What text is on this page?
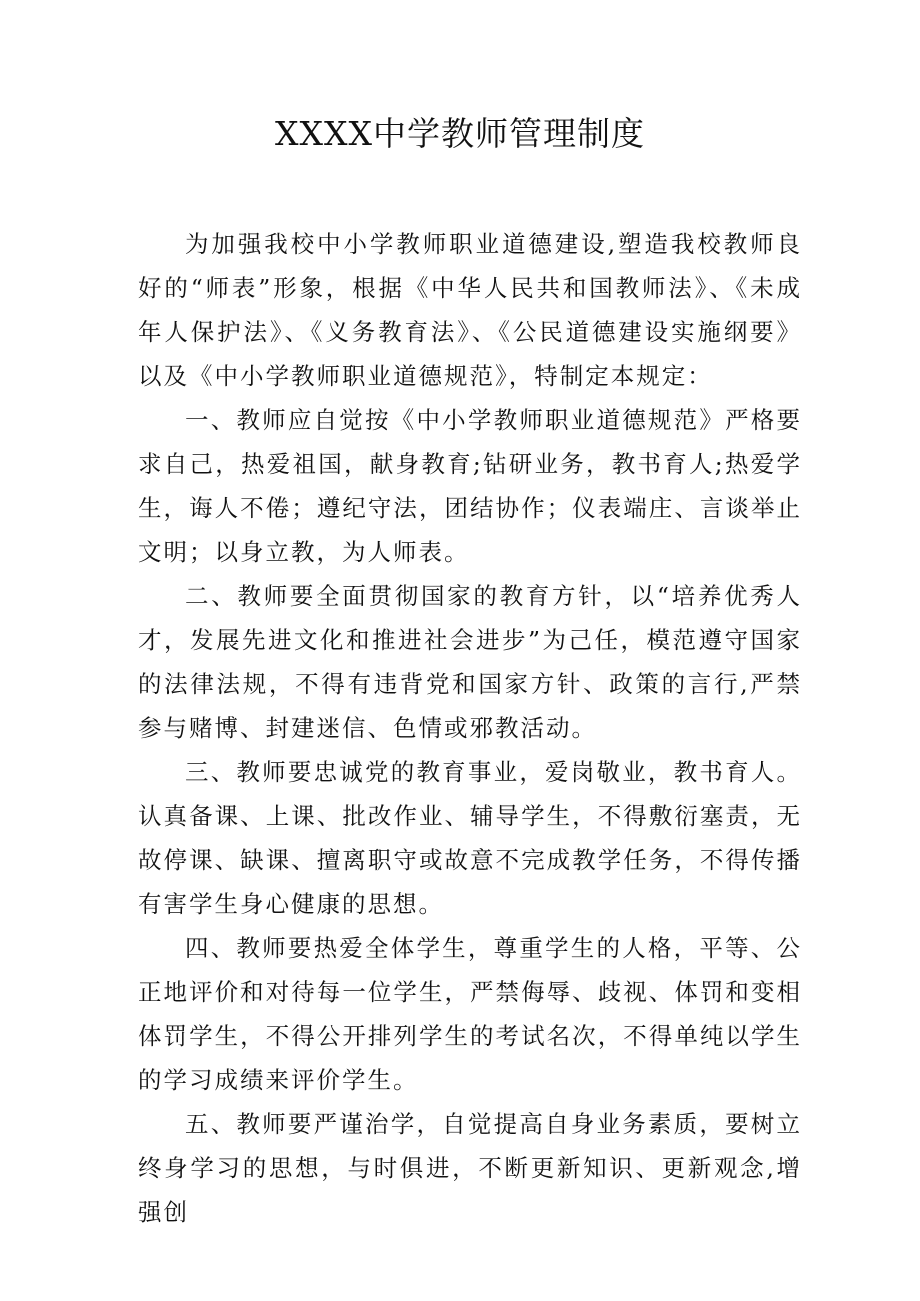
XXXX中学教师管理制度

为加强我校中小学教师职业道德建设,塑造我校教师良好的“师表”形象，根据《中华人民共和国教师法》、《未成年人保护法》、《义务教育法》、《公民道德建设实施纲要》以及《中小学教师职业道德规范》，特制定本规定：

一、教师应自觉按《中小学教师职业道德规范》严格要求自己，热爱祖国，献身教育;钻研业务，教书育人;热爱学生，诲人不倦；遵纪守法，团结协作；仪表端庄、言谈举止文明；以身立教，为人师表。

二、教师要全面贯彻国家的教育方针，以“培养优秀人才，发展先进文化和推进社会进步”为己任，模范遵守国家的法律法规，不得有违背党和国家方针、政策的言行,严禁参与赌博、封建迷信、色情或邪教活动。

三、教师要忠诚党的教育事业，爱岗敬业，教书育人。认真备课、上课、批改作业、辅导学生，不得敷衍塞责，无故停课、缺课、擅离职守或故意不完成教学任务，不得传播有害学生身心健康的思想。

四、教师要热爱全体学生，尊重学生的人格，平等、公正地评价和对待每一位学生，严禁侮辱、歧视、体罚和变相体罚学生，不得公开排列学生的考试名次，不得单纯以学生的学习成绩来评价学生。

五、教师要严谨治学，自觉提高自身业务素质，要树立终身学习的思想，与时俱进，不断更新知识、更新观念,增强创
